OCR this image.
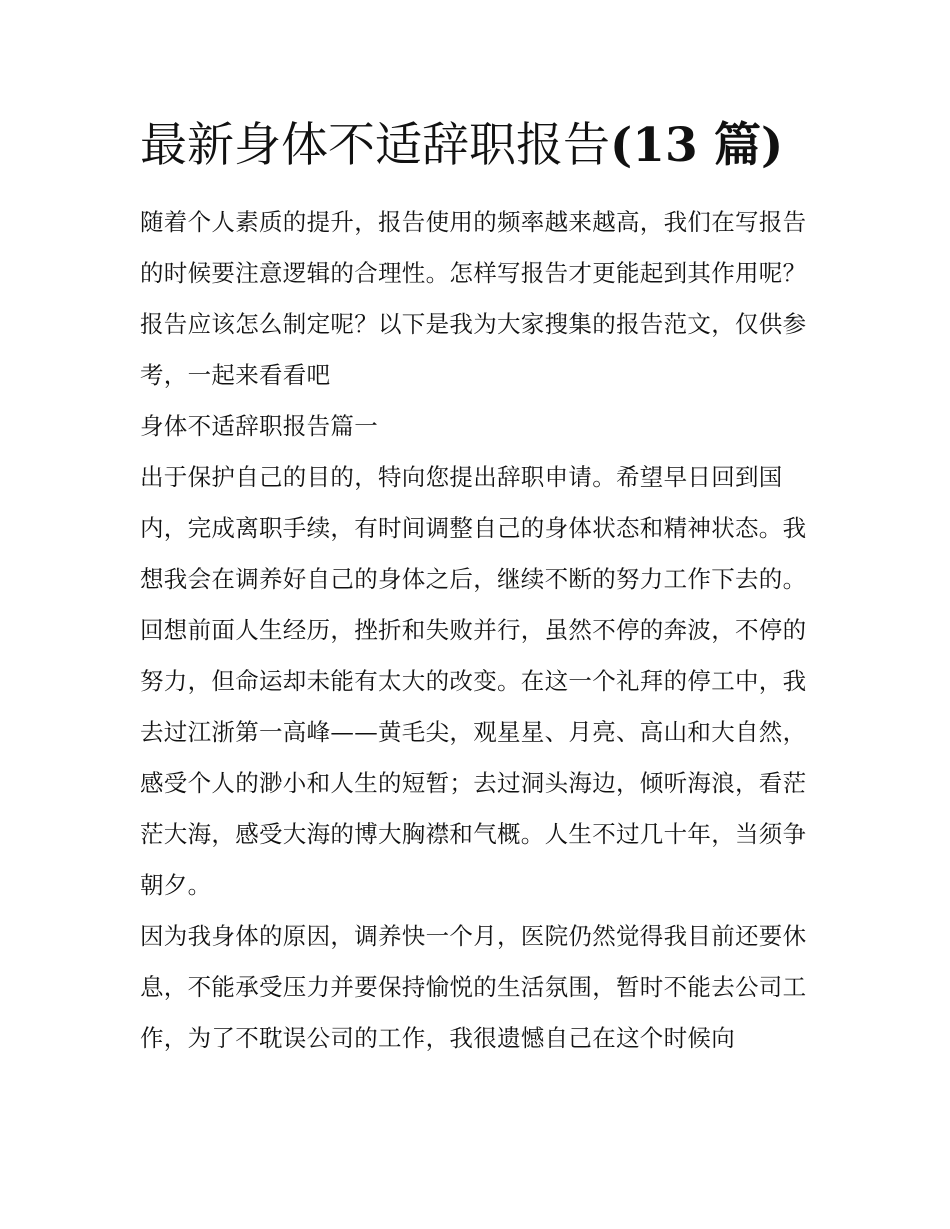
最新身体不适辞职报告(13 篇)

随着个人素质的提升，报告使用的频率越来越高，我们在写报告的时候要注意逻辑的合理性。怎样写报告才更能起到其作用呢？报告应该怎么制定呢？以下是我为大家搜集的报告范文，仅供参考，一起来看看吧

身体不适辞职报告篇一

出于保护自己的目的，特向您提出辞职申请。希望早日回到国内，完成离职手续，有时间调整自己的身体状态和精神状态。我想我会在调养好自己的身体之后，继续不断的努力工作下去的。

回想前面人生经历，挫折和失败并行，虽然不停的奔波，不停的努力，但命运却未能有太大的改变。在这一个礼拜的停工中，我去过江浙第一高峰——黄毛尖，观星星、月亮、高山和大自然，感受个人的渺小和人生的短暂；去过洞头海边，倾听海浪，看茫茫大海，感受大海的博大胸襟和气概。人生不过几十年，当须争朝夕。

因为我身体的原因，调养快一个月，医院仍然觉得我目前还要休息，不能承受压力并要保持愉悦的生活氛围，暂时不能去公司工作，为了不耽误公司的工作，我很遗憾自己在这个时候向
